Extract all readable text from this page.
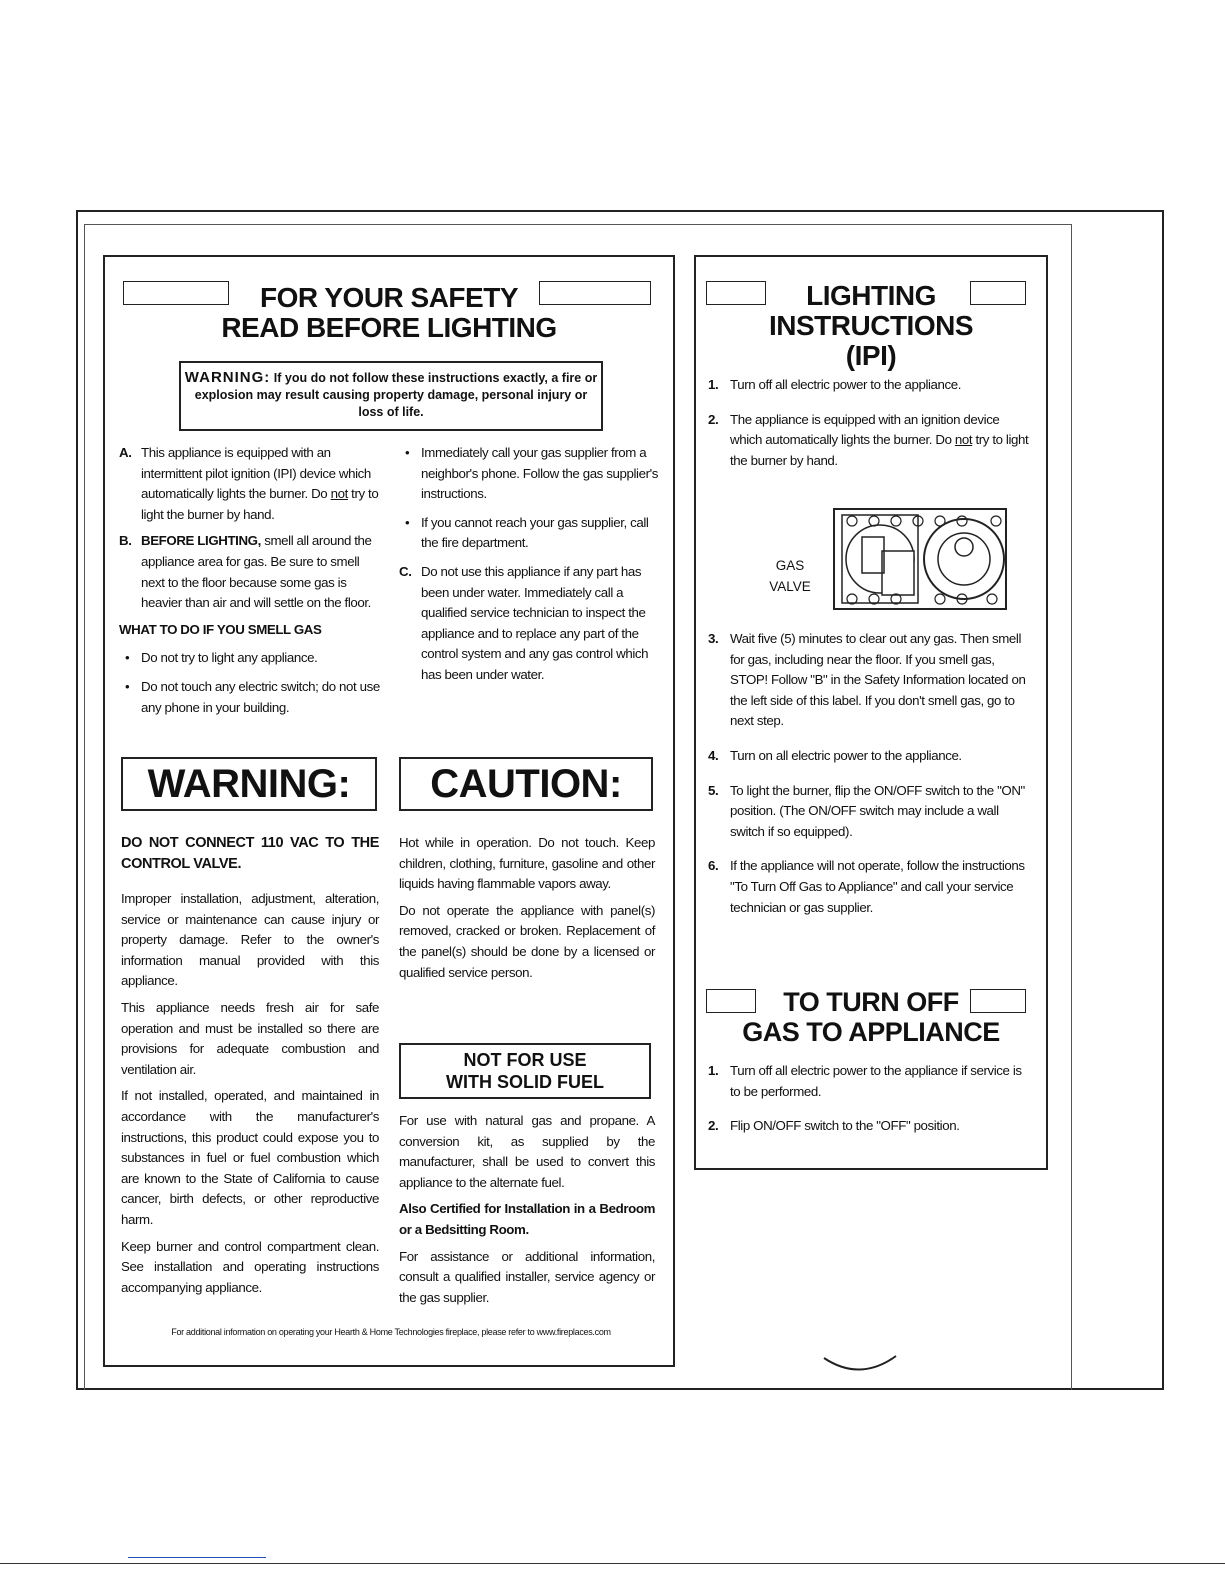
FOR YOUR SAFETY
READ BEFORE LIGHTING
WARNING: If you do not follow these instructions exactly, a fire or explosion may result causing property damage, personal injury or loss of life.
A. This appliance is equipped with an intermittent pilot ignition (IPI) device which automatically lights the burner. Do not try to light the burner by hand.
B. BEFORE LIGHTING, smell all around the appliance area for gas. Be sure to smell next to the floor because some gas is heavier than air and will settle on the floor.
WHAT TO DO IF YOU SMELL GAS
• Do not try to light any appliance.
• Do not touch any electric switch; do not use any phone in your building.
• Immediately call your gas supplier from a neighbor's phone. Follow the gas supplier's instructions.
• If you cannot reach your gas supplier, call the fire department.
C. Do not use this appliance if any part has been under water. Immediately call a qualified service technician to inspect the appliance and to replace any part of the control system and any gas control which has been under water.
WARNING:	CAUTION:
DO NOT CONNECT 110 VAC TO THE CONTROL VALVE.

Improper installation, adjustment, alteration, service or maintenance can cause injury or property damage. Refer to the owner's information manual provided with this appliance.

This appliance needs fresh air for safe operation and must be installed so there are provisions for adequate combustion and ventilation air.

If not installed, operated, and maintained in accordance with the manufacturer's instructions, this product could expose you to substances in fuel or fuel combustion which are known to the State of California to cause cancer, birth defects, or other reproductive harm.

Keep burner and control compartment clean. See installation and operating instructions accompanying appliance.

Hot while in operation. Do not touch. Keep children, clothing, furniture, gasoline and other liquids having flammable vapors away.

Do not operate the appliance with panel(s) removed, cracked or broken. Replacement of the panel(s) should be done by a licensed or qualified service person.

NOT FOR USE
WITH SOLID FUEL

For use with natural gas and propane. A conversion kit, as supplied by the manufacturer, shall be used to convert this appliance to the alternate fuel.

Also Certified for Installation in a Bedroom or a Bedsitting Room.

For assistance or additional information, consult a qualified installer, service agency or the gas supplier.

For additional information on operating your Hearth & Home Technologies fireplace, please refer to www.fireplaces.com
LIGHTING
INSTRUCTIONS
(IPI)
1. Turn off all electric power to the appliance.
2. The appliance is equipped with an ignition device which automatically lights the burner. Do not try to light the burner by hand.
GAS
VALVE
3. Wait five (5) minutes to clear out any gas. Then smell for gas, including near the floor. If you smell gas, STOP! Follow "B" in the Safety Information located on the left side of this label. If you don't smell gas, go to next step.
4. Turn on all electric power to the appliance.
5. To light the burner, flip the ON/OFF switch to the "ON" position. (The ON/OFF switch may include a wall switch if so equipped).
6. If the appliance will not operate, follow the instructions "To Turn Off Gas to Appliance" and call your service technician or gas supplier.
TO TURN OFF
GAS TO APPLIANCE
1. Turn off all electric power to the appliance if service is to be performed.
2. Flip ON/OFF switch to the "OFF" position.
